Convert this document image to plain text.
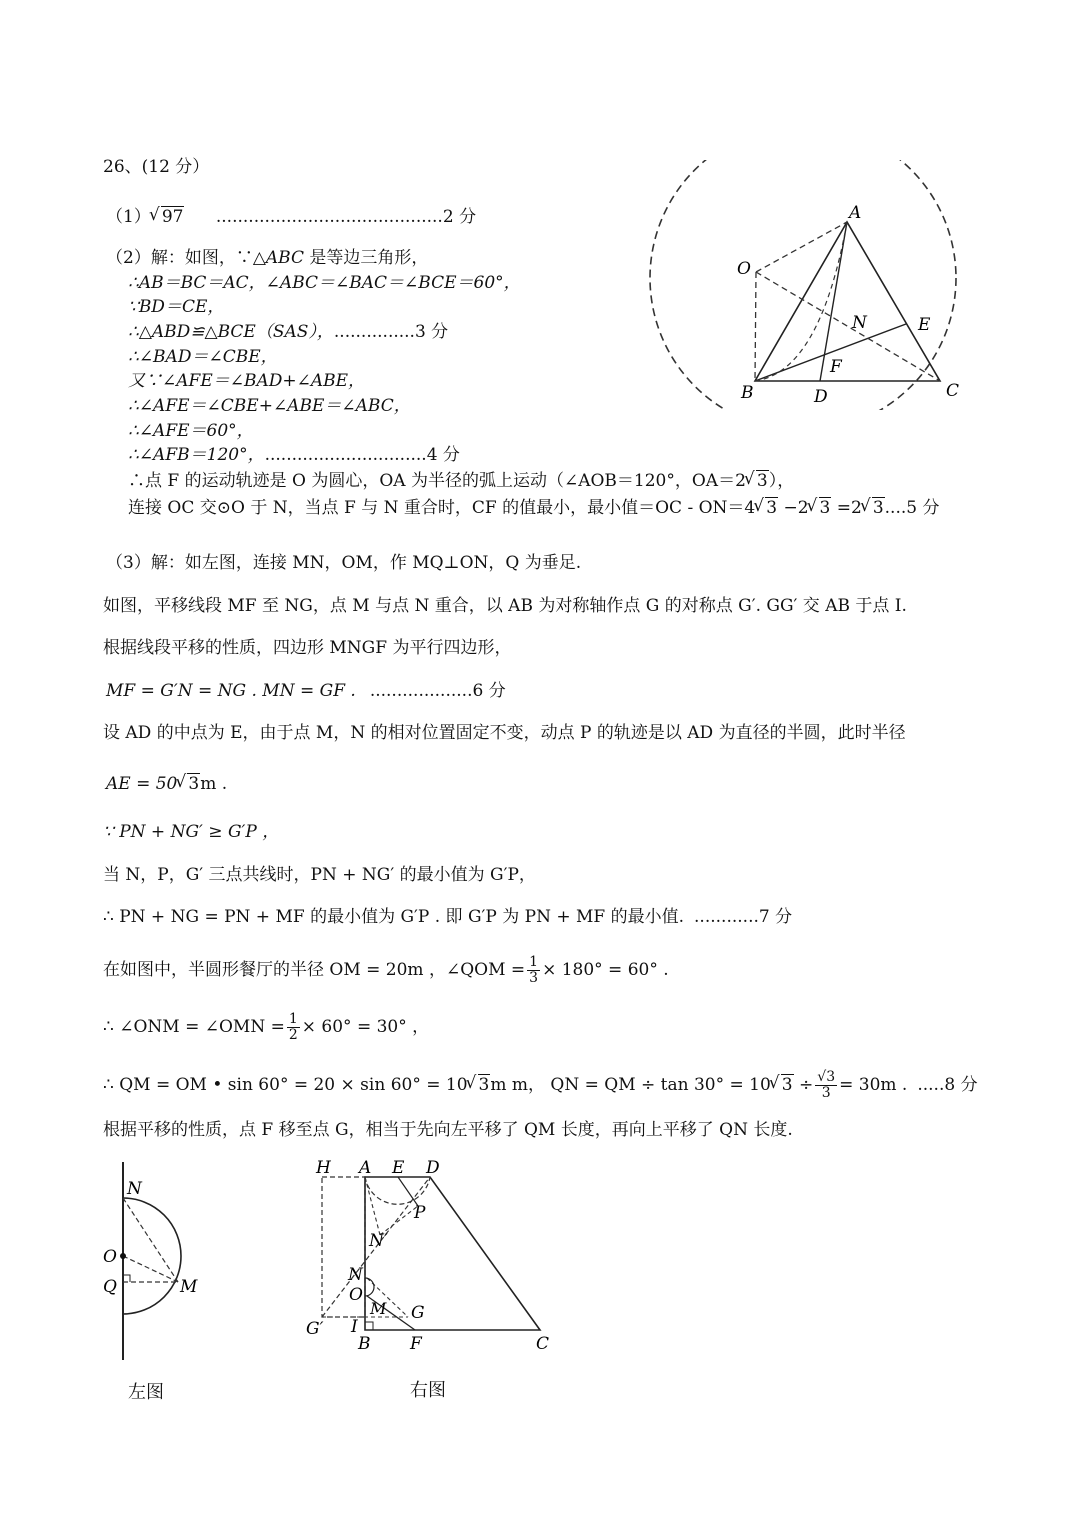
26、(12 分）
（1） √ 97 ..........................................2 分
（2）解：如图，∵△ABC 是等边三角形，
∴AB＝BC＝AC，∠ABC＝∠BAC＝∠BCE＝60°，
∵BD＝CE，
∴△ABD≌△BCE（SAS），...............3 分
∴∠BAD＝∠CBE，
又∵∠AFE＝∠BAD+∠ABE，
∴∠AFE＝∠CBE+∠ABE＝∠ABC，
∴∠AFE＝60°，
∴∠AFB＝120°，..............................4 分
∴点 F 的运动轨迹是 O 为圆心，OA 为半径的弧上运动（∠AOB＝120°，OA＝2 √ 3），
连接 OC 交⊙O 于 N，当点 F 与 N 重合时，CF 的值最小，最小值＝OC - ON＝4 √ 3 −2 √ 3 =2 √ 3....5 分
（3）解：如左图，连接 MN，OM，作 MQ⊥ON，Q 为垂足.
如图，平移线段 MF 至 NG，点 M 与点 N 重合，以 AB 为对称轴作点 G 的对称点 G′. GG′ 交 AB 于点 I.
根据线段平移的性质，四边形 MNGF 为平行四边形，
MF = G′N = NG . MN = GF . ...................6 分
设 AD 的中点为 E，由于点 M，N 的相对位置固定不变，动点 P 的轨迹是以 AD 为直径的半圆，此时半径
AE = 50 √ 3m .
∵ PN + NG′ ≥ G′P ，
当 N，P，G′ 三点共线时，PN + NG′ 的最小值为 G′P，
∴ PN + NG = PN + MF 的最小值为 G′P . 即 G′P 为 PN + MF 的最小值. ............7 分
在如图中，半圆形餐厅的半径 OM = 20m ，∠QOM = $\frac{1}{3} \times 180^\circ = 60^\circ$ .
∴ ∠ONM = ∠OMN = $\frac{1}{2} \times 60^\circ = 30^\circ$ ，
∴ QM = OM • sin 60° = 20 × sin 60° = 10 √ 3m m， QN = QM ÷ tan 30° = 10 √ $3 \div \frac{√3}{3} = 30m$ . .....8 分
根据平移的性质，点 F 移至点 G，相当于先向左平移了 QM 长度，再向上平移了 QN 长度.
A
O
N	E
F
B	D	C
N
O
Q	M
H A E D
P
N′
N
O
M G
G′ I
B F	C
左图	右图
